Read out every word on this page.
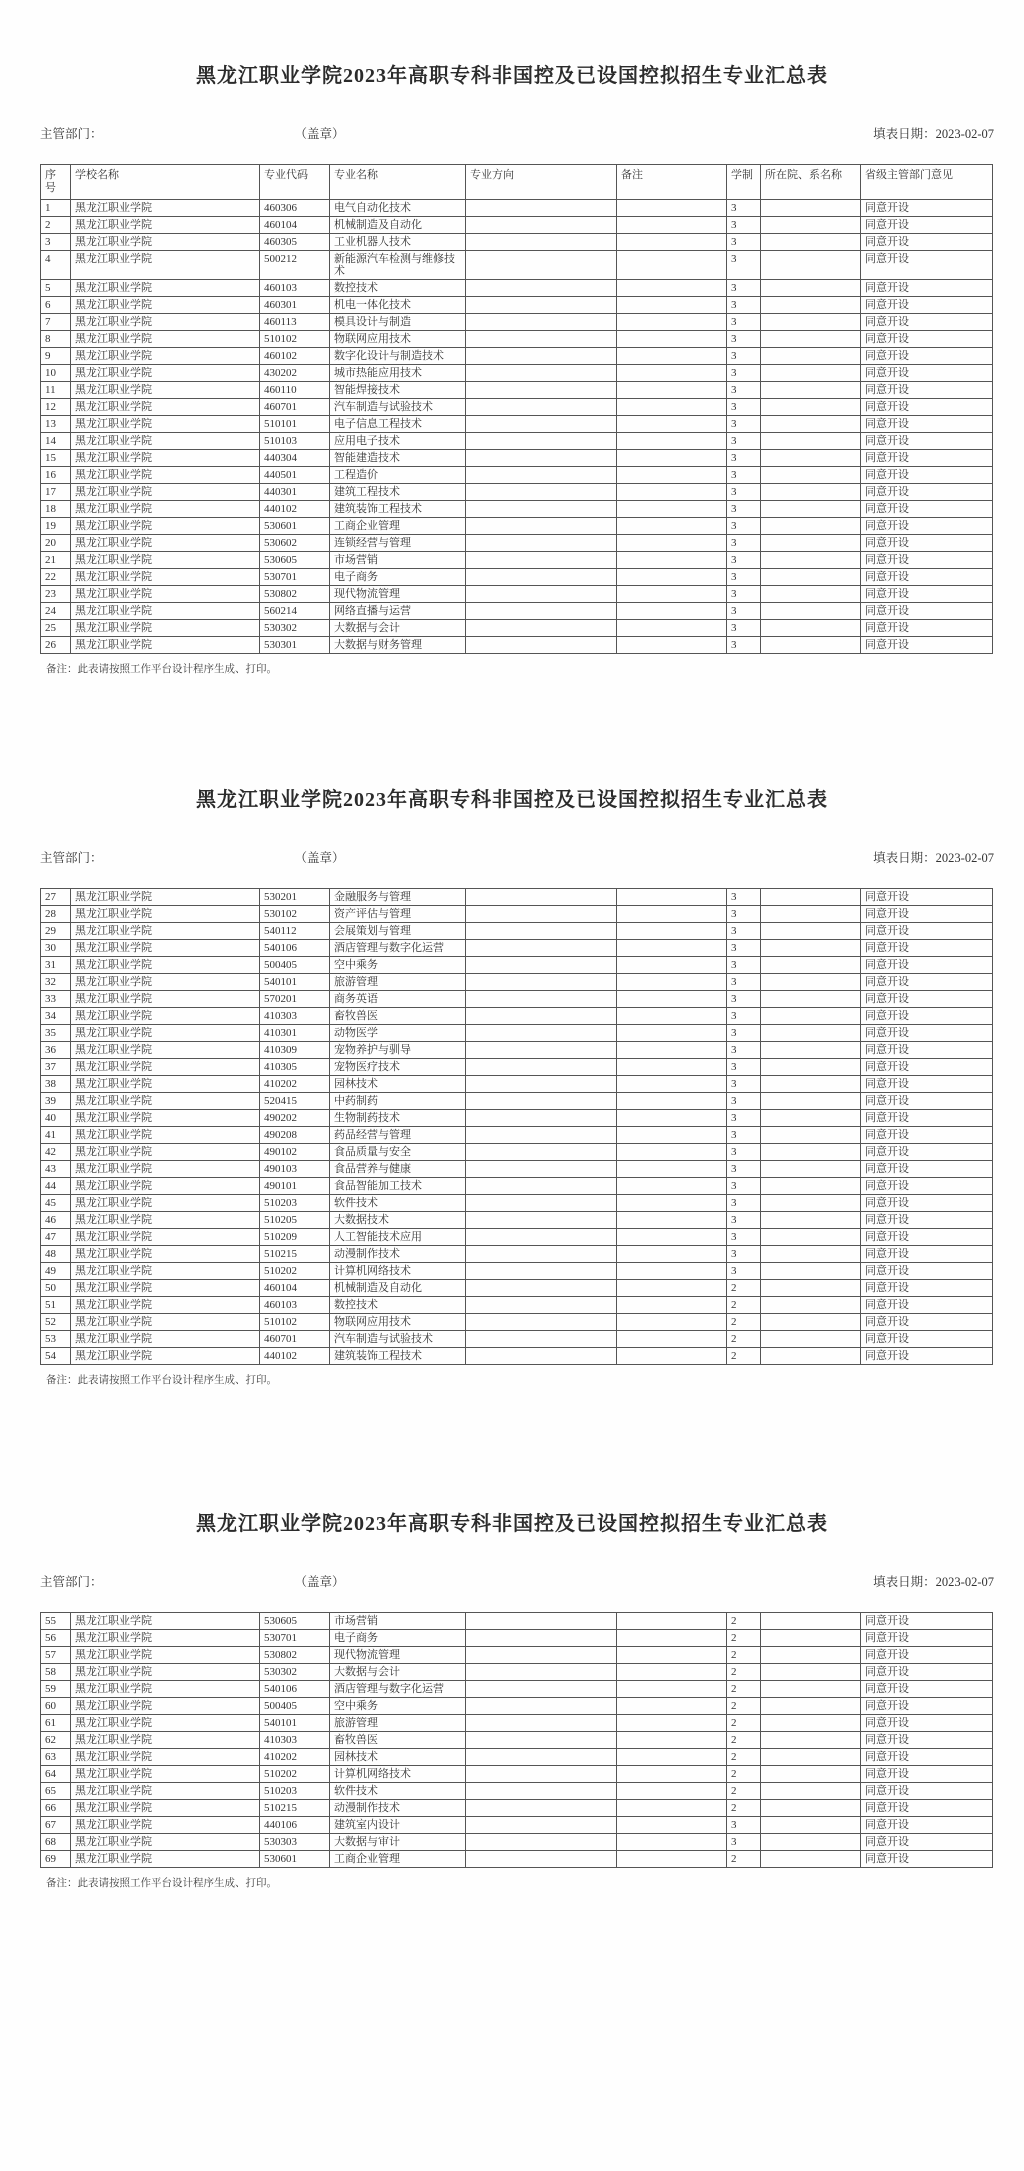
黑龙江职业学院2023年高职专科非国控及已设国控拟招生专业汇总表
主管部门：	（盖章）	填表日期：2023-02-07
序号	学校名称	专业代码	专业名称	专业方向	备注	学制	所在院、系名称	省级主管部门意见
1	黑龙江职业学院	460306	电气自动化技术			3		同意开设
2	黑龙江职业学院	460104	机械制造及自动化			3		同意开设
3	黑龙江职业学院	460305	工业机器人技术			3		同意开设
4	黑龙江职业学院	500212	新能源汽车检测与维修技术			3		同意开设
5	黑龙江职业学院	460103	数控技术			3		同意开设
6	黑龙江职业学院	460301	机电一体化技术			3		同意开设
7	黑龙江职业学院	460113	模具设计与制造			3		同意开设
8	黑龙江职业学院	510102	物联网应用技术			3		同意开设
9	黑龙江职业学院	460102	数字化设计与制造技术			3		同意开设
10	黑龙江职业学院	430202	城市热能应用技术			3		同意开设
11	黑龙江职业学院	460110	智能焊接技术			3		同意开设
12	黑龙江职业学院	460701	汽车制造与试验技术			3		同意开设
13	黑龙江职业学院	510101	电子信息工程技术			3		同意开设
14	黑龙江职业学院	510103	应用电子技术			3		同意开设
15	黑龙江职业学院	440304	智能建造技术			3		同意开设
16	黑龙江职业学院	440501	工程造价			3		同意开设
17	黑龙江职业学院	440301	建筑工程技术			3		同意开设
18	黑龙江职业学院	440102	建筑装饰工程技术			3		同意开设
19	黑龙江职业学院	530601	工商企业管理			3		同意开设
20	黑龙江职业学院	530602	连锁经营与管理			3		同意开设
21	黑龙江职业学院	530605	市场营销			3		同意开设
22	黑龙江职业学院	530701	电子商务			3		同意开设
23	黑龙江职业学院	530802	现代物流管理			3		同意开设
24	黑龙江职业学院	560214	网络直播与运营			3		同意开设
25	黑龙江职业学院	530302	大数据与会计			3		同意开设
26	黑龙江职业学院	530301	大数据与财务管理			3		同意开设
备注：此表请按照工作平台设计程序生成、打印。
黑龙江职业学院2023年高职专科非国控及已设国控拟招生专业汇总表
主管部门：	（盖章）	填表日期：2023-02-07
27	黑龙江职业学院	530201	金融服务与管理			3		同意开设
28	黑龙江职业学院	530102	资产评估与管理			3		同意开设
29	黑龙江职业学院	540112	会展策划与管理			3		同意开设
30	黑龙江职业学院	540106	酒店管理与数字化运营			3		同意开设
31	黑龙江职业学院	500405	空中乘务			3		同意开设
32	黑龙江职业学院	540101	旅游管理			3		同意开设
33	黑龙江职业学院	570201	商务英语			3		同意开设
34	黑龙江职业学院	410303	畜牧兽医			3		同意开设
35	黑龙江职业学院	410301	动物医学			3		同意开设
36	黑龙江职业学院	410309	宠物养护与驯导			3		同意开设
37	黑龙江职业学院	410305	宠物医疗技术			3		同意开设
38	黑龙江职业学院	410202	园林技术			3		同意开设
39	黑龙江职业学院	520415	中药制药			3		同意开设
40	黑龙江职业学院	490202	生物制药技术			3		同意开设
41	黑龙江职业学院	490208	药品经营与管理			3		同意开设
42	黑龙江职业学院	490102	食品质量与安全			3		同意开设
43	黑龙江职业学院	490103	食品营养与健康			3		同意开设
44	黑龙江职业学院	490101	食品智能加工技术			3		同意开设
45	黑龙江职业学院	510203	软件技术			3		同意开设
46	黑龙江职业学院	510205	大数据技术			3		同意开设
47	黑龙江职业学院	510209	人工智能技术应用			3		同意开设
48	黑龙江职业学院	510215	动漫制作技术			3		同意开设
49	黑龙江职业学院	510202	计算机网络技术			3		同意开设
50	黑龙江职业学院	460104	机械制造及自动化			2		同意开设
51	黑龙江职业学院	460103	数控技术			2		同意开设
52	黑龙江职业学院	510102	物联网应用技术			2		同意开设
53	黑龙江职业学院	460701	汽车制造与试验技术			2		同意开设
54	黑龙江职业学院	440102	建筑装饰工程技术			2		同意开设
备注：此表请按照工作平台设计程序生成、打印。
黑龙江职业学院2023年高职专科非国控及已设国控拟招生专业汇总表
主管部门：	（盖章）	填表日期：2023-02-07
55	黑龙江职业学院	530605	市场营销			2		同意开设
56	黑龙江职业学院	530701	电子商务			2		同意开设
57	黑龙江职业学院	530802	现代物流管理			2		同意开设
58	黑龙江职业学院	530302	大数据与会计			2		同意开设
59	黑龙江职业学院	540106	酒店管理与数字化运营			2		同意开设
60	黑龙江职业学院	500405	空中乘务			2		同意开设
61	黑龙江职业学院	540101	旅游管理			2		同意开设
62	黑龙江职业学院	410303	畜牧兽医			2		同意开设
63	黑龙江职业学院	410202	园林技术			2		同意开设
64	黑龙江职业学院	510202	计算机网络技术			2		同意开设
65	黑龙江职业学院	510203	软件技术			2		同意开设
66	黑龙江职业学院	510215	动漫制作技术			2		同意开设
67	黑龙江职业学院	440106	建筑室内设计			3		同意开设
68	黑龙江职业学院	530303	大数据与审计			3		同意开设
69	黑龙江职业学院	530601	工商企业管理			2		同意开设
备注：此表请按照工作平台设计程序生成、打印。
